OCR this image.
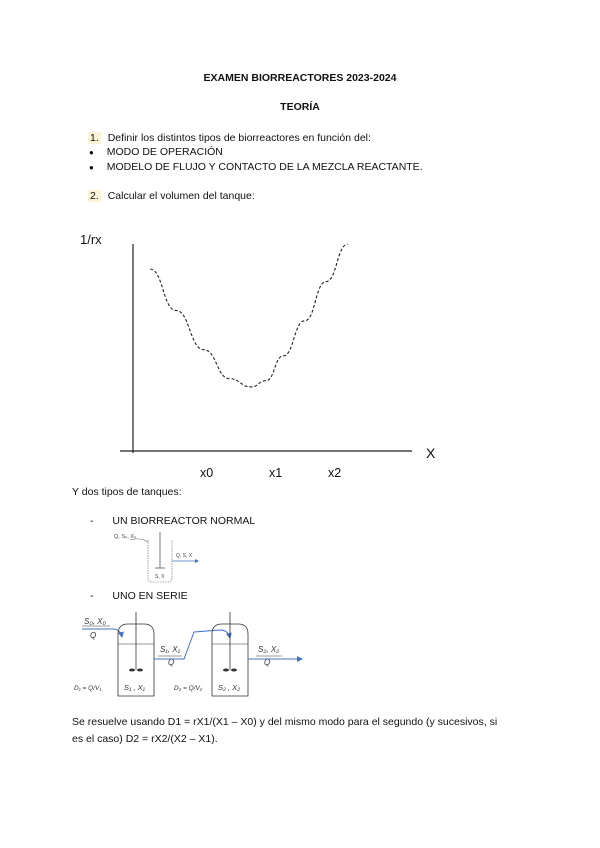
EXAMEN BIORREACTORES 2023-2024
TEORÍA
1. Definir los distintos tipos de biorreactores en función del:
● MODO DE OPERACIÓN
● MODELO DE FLUJO Y CONTACTO DE LA MEZCLA REACTANTE.
2. Calcular el volumen del tanque:
1/rx
X
x0	x1	x2
Y dos tipos de tanques:
- UN BIORREACTOR NORMAL
Q, S₀, X₀
S, X
Q, S, X
- UNO EN SERIE
S₀, X₀
Q
D₁ = Q/V₁	S₁ , X₁
S₁, X₁
Q
D₂ = Q/V₂ S₂ , X₂
S₂, X₂
Q
Se resuelve usando D1 = rX1/(X1 – X0) y del mismo modo para el segundo (y sucesivos, si
es el caso) D2 = rX2/(X2 – X1).
